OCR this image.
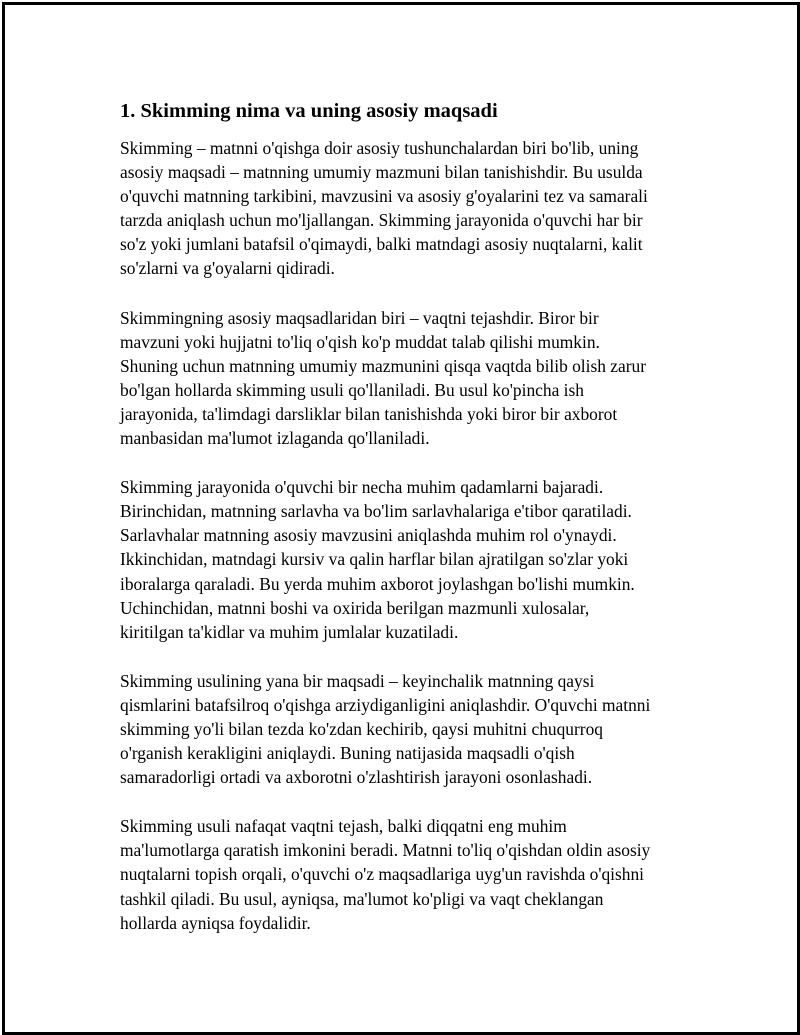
1. Skimming nima va uning asosiy maqsadi

Skimming – matnni o'qishga doir asosiy tushunchalardan biri bo'lib, uning
asosiy maqsadi – matnning umumiy mazmuni bilan tanishishdir. Bu usulda
o'quvchi matnning tarkibini, mavzusini va asosiy g'oyalarini tez va samarali
tarzda aniqlash uchun mo'ljallangan. Skimming jarayonida o'quvchi har bir
so'z yoki jumlani batafsil o'qimaydi, balki matndagi asosiy nuqtalarni, kalit
so'zlarni va g'oyalarni qidiradi.

Skimmingning asosiy maqsadlaridan biri – vaqtni tejashdir. Biror bir
mavzuni yoki hujjatni to'liq o'qish ko'p muddat talab qilishi mumkin.
Shuning uchun matnning umumiy mazmunini qisqa vaqtda bilib olish zarur
bo'lgan hollarda skimming usuli qo'llaniladi. Bu usul ko'pincha ish
jarayonida, ta'limdagi darsliklar bilan tanishishda yoki biror bir axborot
manbasidan ma'lumot izlaganda qo'llaniladi.

Skimming jarayonida o'quvchi bir necha muhim qadamlarni bajaradi.
Birinchidan, matnning sarlavha va bo'lim sarlavhalariga e'tibor qaratiladi.
Sarlavhalar matnning asosiy mavzusini aniqlashda muhim rol o'ynaydi.
Ikkinchidan, matndagi kursiv va qalin harflar bilan ajratilgan so'zlar yoki
iboralarga qaraladi. Bu yerda muhim axborot joylashgan bo'lishi mumkin.
Uchinchidan, matnni boshi va oxirida berilgan mazmunli xulosalar,
kiritilgan ta'kidlar va muhim jumlalar kuzatiladi.

Skimming usulining yana bir maqsadi – keyinchalik matnning qaysi
qismlarini batafsilroq o'qishga arziydiganligini aniqlashdir. O'quvchi matnni
skimming yo'li bilan tezda ko'zdan kechirib, qaysi muhitni chuqurroq
o'rganish kerakligini aniqlaydi. Buning natijasida maqsadli o'qish
samaradorligi ortadi va axborotni o'zlashtirish jarayoni osonlashadi.

Skimming usuli nafaqat vaqtni tejash, balki diqqatni eng muhim
ma'lumotlarga qaratish imkonini beradi. Matnni to'liq o'qishdan oldin asosiy
nuqtalarni topish orqali, o'quvchi o'z maqsadlariga uyg'un ravishda o'qishni
tashkil qiladi. Bu usul, ayniqsa, ma'lumot ko'pligi va vaqt cheklangan
hollarda ayniqsa foydalidir.
